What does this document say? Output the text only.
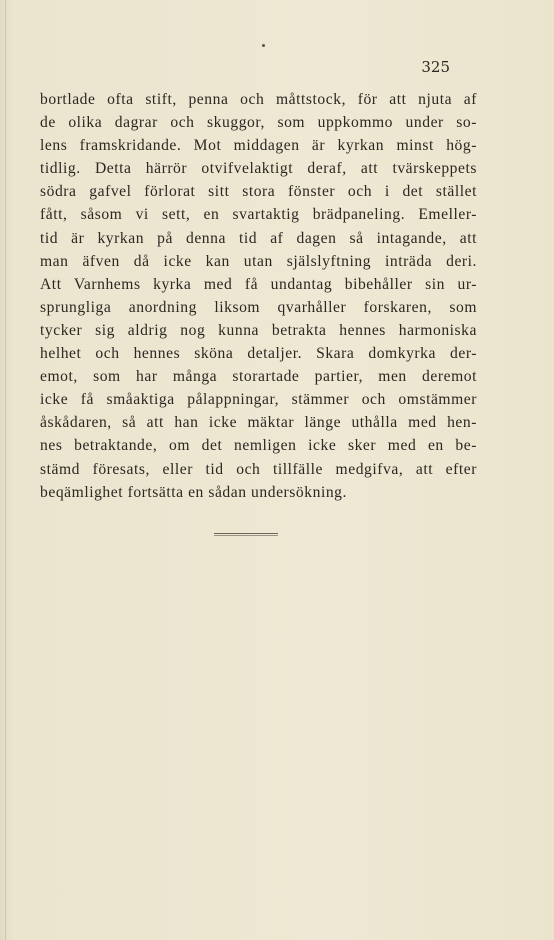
325
bortlade ofta stift, penna och måttstock, för att njuta af
de olika dagrar och skuggor, som uppkommo under so-
lens framskridande. Mot middagen är kyrkan minst hög-
tidlig. Detta härrör otvifvelaktigt deraf, att tvärskeppets
södra gafvel förlorat sitt stora fönster och i det stället
fått, såsom vi sett, en svartaktig brädpaneling. Emeller-
tid är kyrkan på denna tid af dagen så intagande, att
man äfven då icke kan utan själslyftning inträda deri.
Att Varnhems kyrka med få undantag bibehåller sin ur-
sprungliga anordning liksom qvarhåller forskaren, som
tycker sig aldrig nog kunna betrakta hennes harmoniska
helhet och hennes sköna detaljer. Skara domkyrka der-
emot, som har många storartade partier, men deremot
icke få småaktiga pålappningar, stämmer och omstämmer
åskådaren, så att han icke mäktar länge uthålla med hen-
nes betraktande, om det nemligen icke sker med en be-
stämd föresats, eller tid och tillfälle medgifva, att efter
beqämlighet fortsätta en sådan undersökning.
